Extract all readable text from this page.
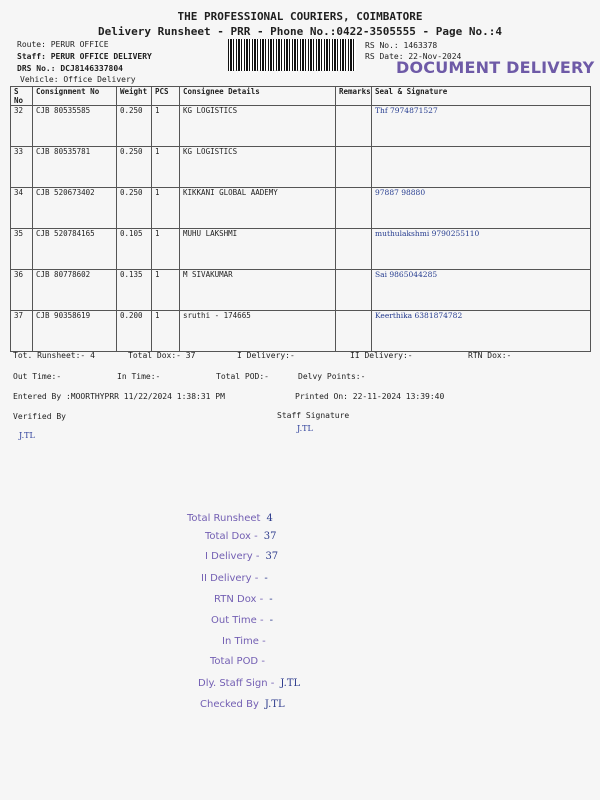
THE PROFESSIONAL COURIERS, COIMBATORE
Delivery Runsheet - PRR - Phone No.:0422-3505555 - Page No.:4
Route: PERUR OFFICE
Staff: PERUR OFFICE DELIVERY
DRS No.: DCJ8146337804
Vehicle: Office Delivery
RS No.: 1463378
RS Date: 22-Nov-2024
DOCUMENT DELIVERY
S No	Consignment No	Weight	PCS	Consignee Details	Remarks	Seal & Signature
32	CJB 80535585	0.250	1	KG LOGISTICS		Thf 7974871527
33	CJB 80535781	0.250	1	KG LOGISTICS		
34	CJB 520673402	0.250	1	KIKKANI GLOBAL AADEMY		97887 98880
35	CJB 520784165	0.105	1	MUHU LAKSHMI		muthulakshmi 9790255110
36	CJB 80778602	0.135	1	M SIVAKUMAR		Sai 9865044285
37	CJB 90358619	0.200	1	sruthi - 174665		Keerthika 6381874782
Tot. Runsheet:- 4	Total Dox:- 37	I Delivery:-	II Delivery:-	RTN Dox:-
Out Time:-	In Time:-	Total POD:-	Delvy Points:-
Entered By :MOORTHYPRR 11/22/2024 1:38:31 PM	Printed On: 22-11-2024 13:39:40
Verified By	Staff Signature
J.TL
J.TL
Total Runsheet 4
Total Dox - 37
I Delivery - 37
II Delivery - -
RTN Dox - -
Out Time - -
In Time -
Total POD -
Dly. Staff Sign - J.TL
Checked By J.TL
